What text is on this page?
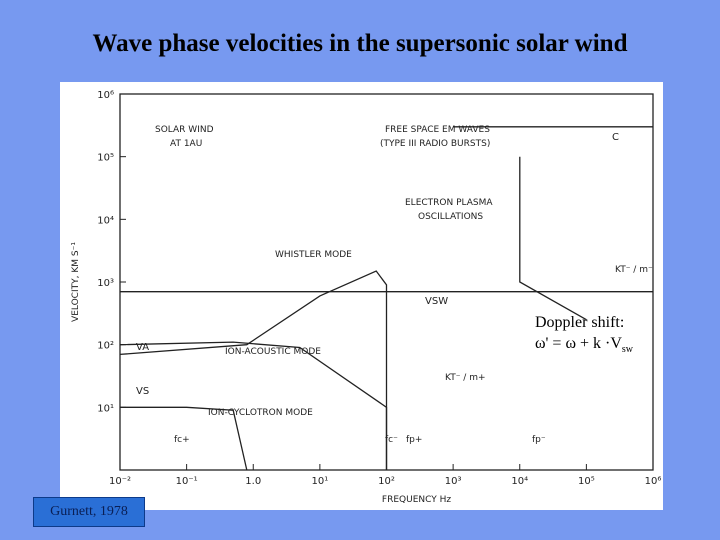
Wave phase velocities in the supersonic solar wind
10⁻²	10⁻¹	1.0	10¹	10²	10³	10⁴	10⁵	10⁶
10¹
10²
10³
10⁴
10⁵
10⁶
FREQUENCY Hz
VELOCITY, KM S⁻¹
SOLAR WIND
AT 1AU
FREE SPACE EM WAVES
(TYPE III RADIO BURSTS)
C
ELECTRON PLASMA
OSCILLATIONS
WHISTLER MODE
VSW
VA	ION-ACOUSTIC MODE
VS
ION-CYCLOTRON MODE
KT⁻ / m⁻
KT⁻ / m+
fc+	fc⁻ fp+	fp⁻
Doppler shift:
$\omega' = \omega + k \cdot V_{sw}$
Gurnett, 1978
